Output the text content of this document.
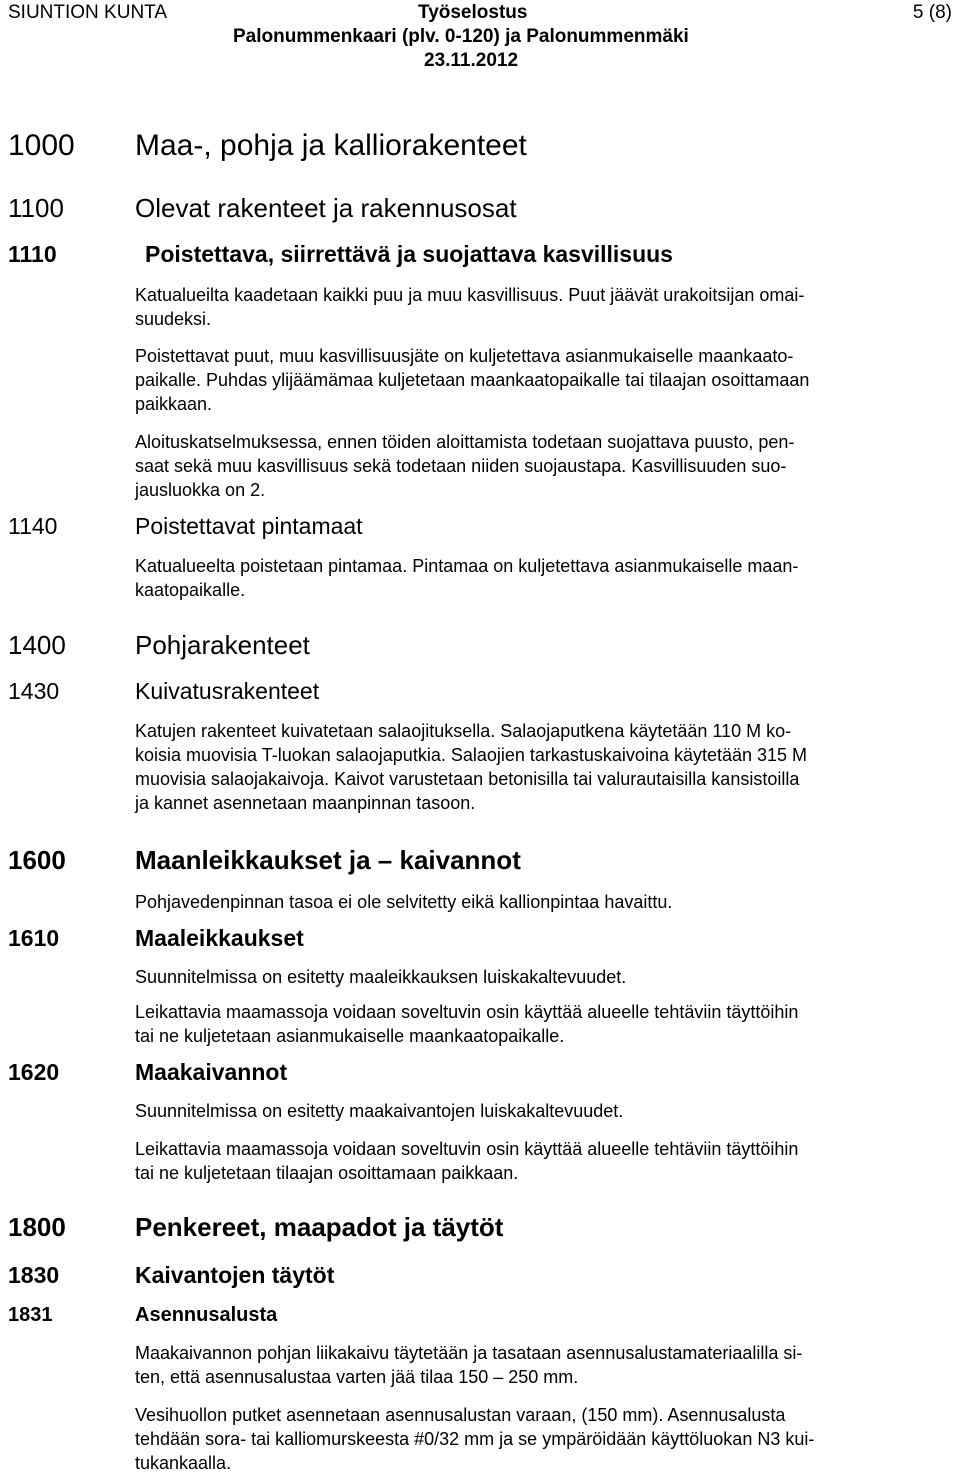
SIUNTION KUNTA	Työselostus	5 (8)
Palonummenkaari (plv. 0-120) ja Palonummenmäki
23.11.2012
1000 Maa-, pohja ja kalliorakenteet
1100	Olevat rakenteet ja rakennusosat
1110	Poistettava, siirrettävä ja suojattava kasvillisuus
Katualueilta kaadetaan kaikki puu ja muu kasvillisuus. Puut jäävät urakoitsijan omai-
suudeksi.
Poistettavat puut, muu kasvillisuusjäte on kuljetettava asianmukaiselle maankaato-
paikalle. Puhdas ylijäämämaa kuljetetaan maankaatopaikalle tai tilaajan osoittamaan
paikkaan.
Aloituskatselmuksessa, ennen töiden aloittamista todetaan suojattava puusto, pen-
saat sekä muu kasvillisuus sekä todetaan niiden suojaustapa. Kasvillisuuden suo-
jausluokka on 2.
1140	Poistettavat pintamaat
Katualueelta poistetaan pintamaa. Pintamaa on kuljetettava asianmukaiselle maan-
kaatopaikalle.
1400	Pohjarakenteet
1430	Kuivatusrakenteet
Katujen rakenteet kuivatetaan salaojituksella. Salaojaputkena käytetään 110 M ko-
koisia muovisia T-luokan salaojaputkia. Salaojien tarkastuskaivoina käytetään 315 M
muovisia salaojakaivoja. Kaivot varustetaan betonisilla tai valurautaisilla kansistoilla
ja kannet asennetaan maanpinnan tasoon.
1600	Maanleikkaukset ja – kaivannot
Pohjavedenpinnan tasoa ei ole selvitetty eikä kallionpintaa havaittu.
1610	Maaleikkaukset
Suunnitelmissa on esitetty maaleikkauksen luiskakaltevuudet.
Leikattavia maamassoja voidaan soveltuvin osin käyttää alueelle tehtäviin täyttöihin
tai ne kuljetetaan asianmukaiselle maankaatopaikalle.
1620	Maakaivannot
Suunnitelmissa on esitetty maakaivantojen luiskakaltevuudet.
Leikattavia maamassoja voidaan soveltuvin osin käyttää alueelle tehtäviin täyttöihin
tai ne kuljetetaan tilaajan osoittamaan paikkaan.
1800	Penkereet, maapadot ja täytöt
1830	Kaivantojen täytöt
1831	Asennusalusta
Maakaivannon pohjan liikakaivu täytetään ja tasataan asennusalustamateriaalilla si-
ten, että asennusalustaa varten jää tilaa 150 – 250 mm.
Vesihuollon putket asennetaan asennusalustan varaan, (150 mm). Asennusalusta
tehdään sora- tai kalliomurskeesta #0/32 mm ja se ympäröidään käyttöluokan N3 kui-
tukankaalla.
